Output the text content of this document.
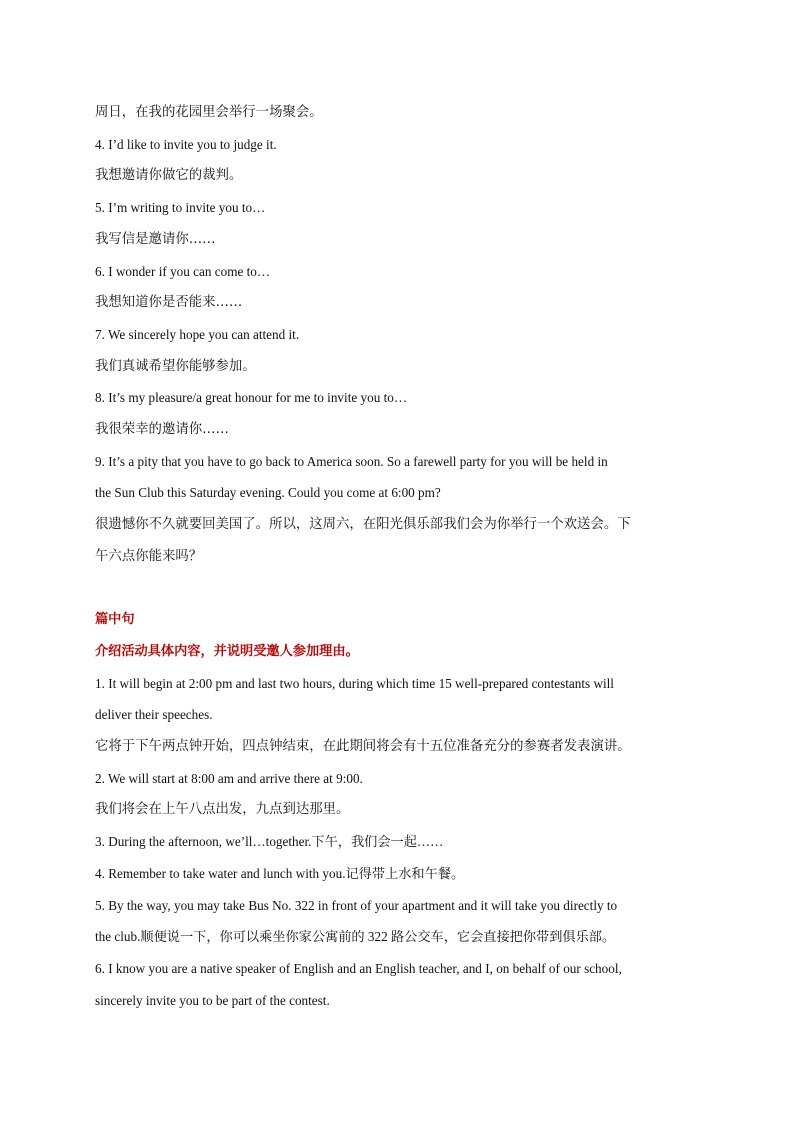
周日，在我的花园里会举行一场聚会。

4. I’d like to invite you to judge it.

我想邀请你做它的裁判。

5. I’m writing to invite you to…

我写信是邀请你……

6. I wonder if you can come to…

我想知道你是否能来……

7. We sincerely hope you can attend it.

我们真诚希望你能够参加。

8. It’s my pleasure/a great honour for me to invite you to…

我很荣幸的邀请你……

9. It’s a pity that you have to go back to America soon. So a farewell party for you will be held in

the Sun Club this Saturday evening. Could you come at 6:00 pm?

很遗憾你不久就要回美国了。所以，这周六，在阳光俱乐部我们会为你举行一个欢送会。下

午六点你能来吗？

篇中句

介绍活动具体内容，并说明受邀人参加理由。

1. It will begin at 2:00 pm and last two hours, during which time 15 well-prepared contestants will

deliver their speeches.

它将于下午两点钟开始，四点钟结束，在此期间将会有十五位准备充分的参赛者发表演讲。

2. We will start at 8:00 am and arrive there at 9:00.

我们将会在上午八点出发，九点到达那里。

3. During the afternoon, we’ll…together.下午，我们会一起……

4. Remember to take water and lunch with you.记得带上水和午餐。

5. By the way, you may take Bus No. 322 in front of your apartment and it will take you directly to

the club.顺便说一下，你可以乘坐你家公寓前的 322 路公交车，它会直接把你带到俱乐部。

6. I know you are a native speaker of English and an English teacher, and I, on behalf of our school,

sincerely invite you to be part of the contest.
